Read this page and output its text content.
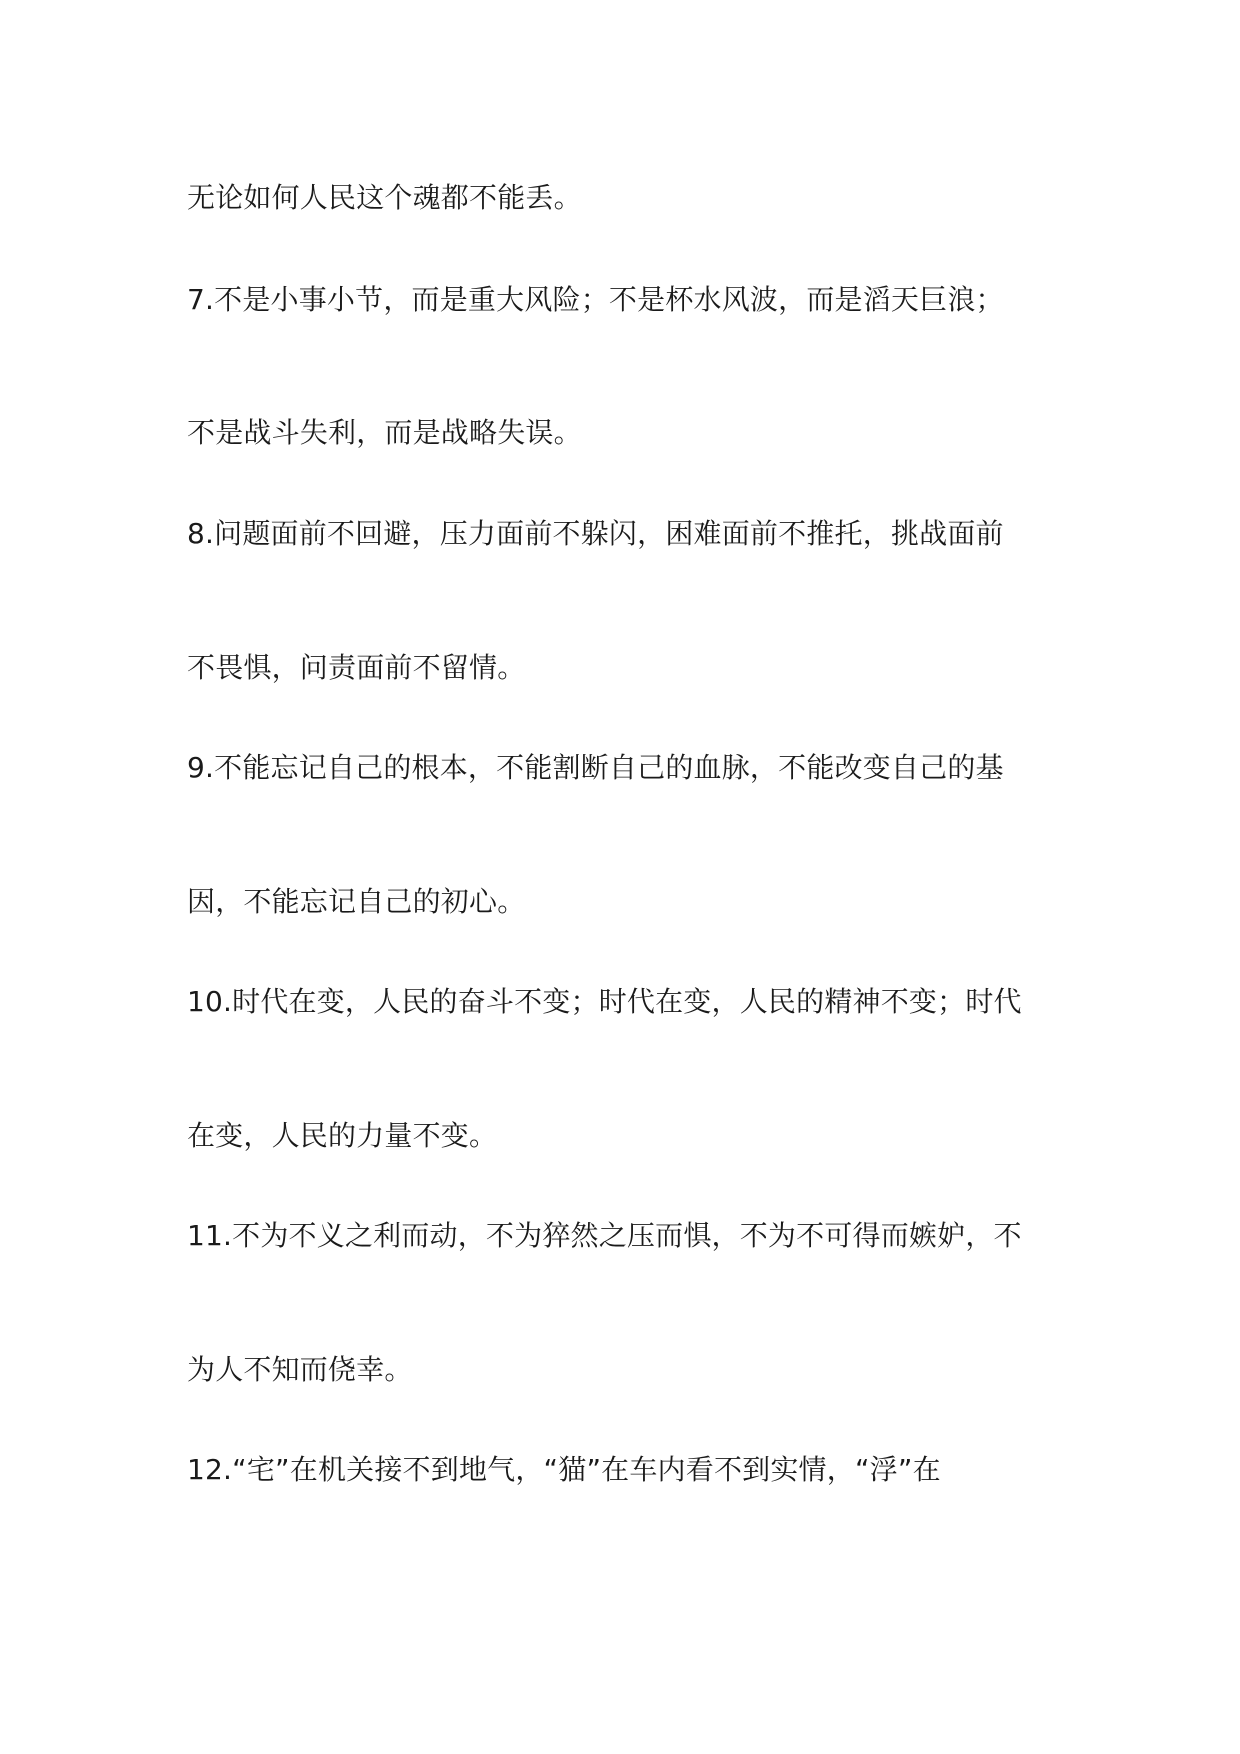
无论如何人民这个魂都不能丢。
7.不是小事小节，而是重大风险；不是杯水风波，而是滔天巨浪；
不是战斗失利，而是战略失误。
8.问题面前不回避，压力面前不躲闪，困难面前不推托，挑战面前
不畏惧，问责面前不留情。
9.不能忘记自己的根本，不能割断自己的血脉，不能改变自己的基
因，不能忘记自己的初心。
10.时代在变，人民的奋斗不变；时代在变，人民的精神不变；时代
在变，人民的力量不变。
11.不为不义之利而动，不为猝然之压而惧，不为不可得而嫉妒，不
为人不知而侥幸。
12.“宅”在机关接不到地气，“猫”在车内看不到实情，“浮”在
